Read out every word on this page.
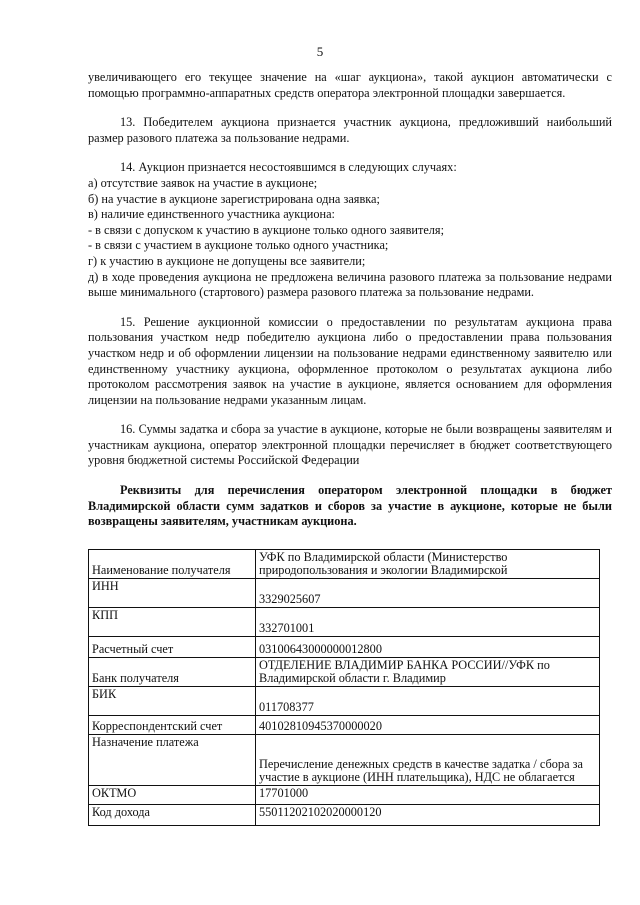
5

увеличивающего его текущее значение на «шаг аукциона», такой аукцион автоматически с помощью программно-аппаратных средств оператора электронной площадки завершается.

13. Победителем аукциона признается участник аукциона, предложивший наибольший размер разового платежа за пользование недрами.

14. Аукцион признается несостоявшимся в следующих случаях:

а) отсутствие заявок на участие в аукционе;

б) на участие в аукционе зарегистрирована одна заявка;

в) наличие единственного участника аукциона:

- в связи с допуском к участию в аукционе только одного заявителя;

- в связи с участием в аукционе только одного участника;

г) к участию в аукционе не допущены все заявители;

д) в ходе проведения аукциона не предложена величина разового платежа за пользование недрами выше минимального (стартового) размера разового платежа за пользование недрами.

15. Решение аукционной комиссии о предоставлении по результатам аукциона права пользования участком недр победителю аукциона либо о предоставлении права пользования участком недр и об оформлении лицензии на пользование недрами единственному заявителю или единственному участнику аукциона, оформленное протоколом о результатах аукциона либо протоколом рассмотрения заявок на участие в аукционе, является основанием для оформления лицензии на пользование недрами указанным лицам.

16. Суммы задатка и сбора за участие в аукционе, которые не были возвращены заявителям и участникам аукциона, оператор электронной площадки перечисляет в бюджет соответствующего уровня бюджетной системы Российской Федерации

Реквизиты для перечисления оператором электронной площадки в бюджет Владимирской области сумм задатков и сборов за участие в аукционе, которые не были возвращены заявителям, участникам аукциона.

Наименование получателя	УФК по Владимирской области (Министерство природопользования и экологии Владимирской
ИНН	3329025607
КПП	332701001
Расчетный счет	03100643000000012800
Банк получателя	ОТДЕЛЕНИЕ ВЛАДИМИР БАНКА РОССИИ//УФК по Владимирской области г. Владимир
БИК	011708377
Корреспондентский счет	40102810945370000020
Назначение платежа	Перечисление денежных средств в качестве задатка / сбора за участие в аукционе (ИНН плательщика), НДС не облагается
ОКТМО	17701000
Код дохода	55011202102020000120
